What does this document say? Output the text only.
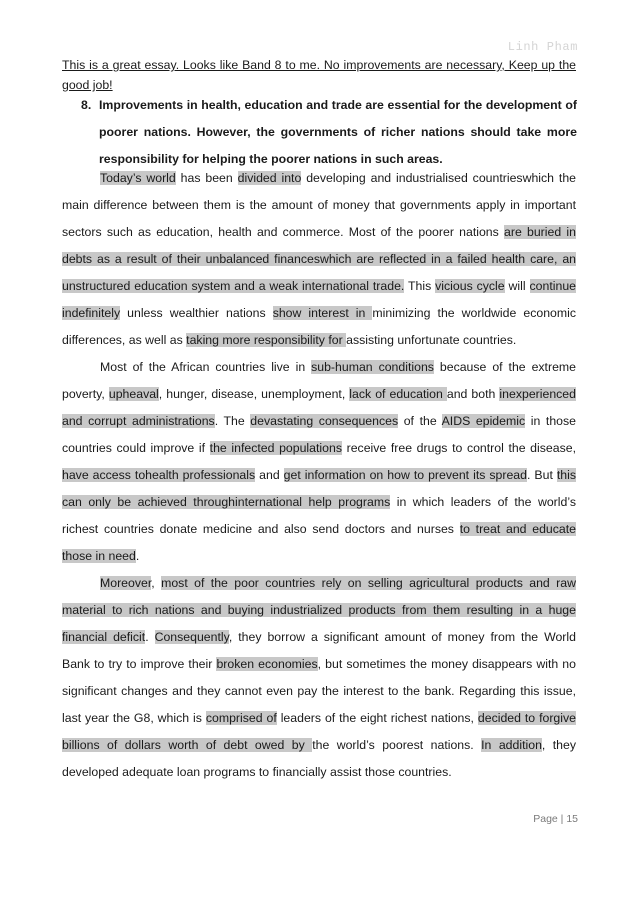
Linh Pham
This is a great essay. Looks like Band 8 to me. No improvements are necessary, Keep up the good job!
8. Improvements in health, education and trade are essential for the development of poorer nations. However, the governments of richer nations should take more responsibility for helping the poorer nations in such areas.

Today’s world has been divided into developing and industrialised countrieswhich the main difference between them is the amount of money that governments apply in important sectors such as education, health and commerce. Most of the poorer nations are buried in debts as a result of their unbalanced financeswhich are reflected in a failed health care, an unstructured education system and a weak international trade. This vicious cycle will continue indefinitely unless wealthier nations show interest in minimizing the worldwide economic differences, as well as taking more responsibility for assisting unfortunate countries.

Most of the African countries live in sub-human conditions because of the extreme poverty, upheaval, hunger, disease, unemployment, lack of education and both inexperienced and corrupt administrations. The devastating consequences of the AIDS epidemic in those countries could improve if the infected populations receive free drugs to control the disease, have access tohealth professionals and get information on how to prevent its spread. But this can only be achieved throughinternational help programs in which leaders of the world’s richest countries donate medicine and also send doctors and nurses to treat and educate those in need.

Moreover, most of the poor countries rely on selling agricultural products and raw material to rich nations and buying industrialized products from them resulting in a huge financial deficit. Consequently, they borrow a significant amount of money from the World Bank to try to improve their broken economies, but sometimes the money disappears with no significant changes and they cannot even pay the interest to the bank. Regarding this issue, last year the G8, which is comprised of leaders of the eight richest nations, decided to forgive billions of dollars worth of debt owed by the world’s poorest nations. In addition, they developed adequate loan programs to financially assist those countries.

Page | 15
